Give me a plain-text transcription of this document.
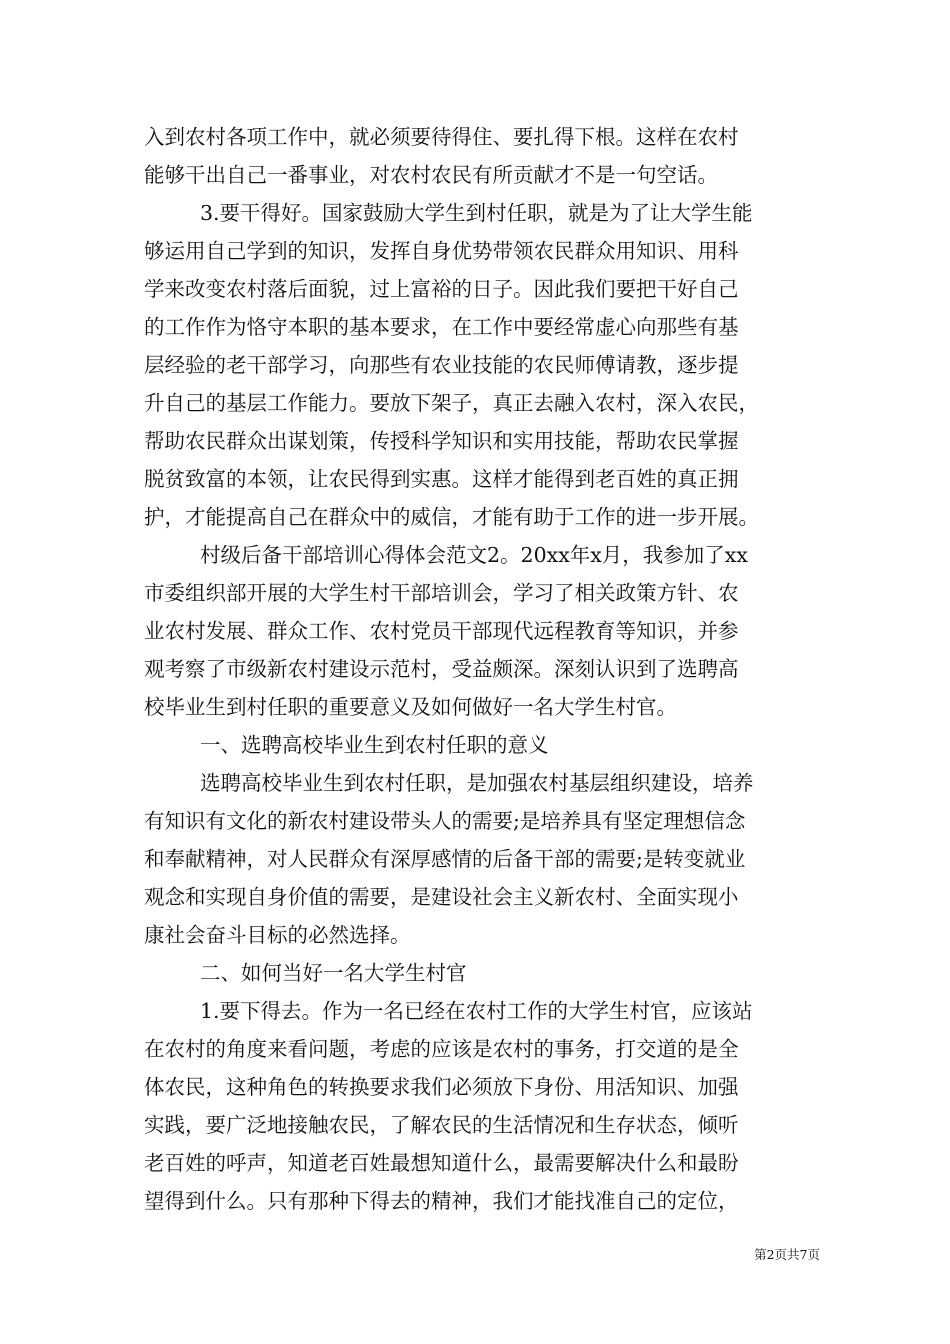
入到农村各项工作中，就必须要待得住、要扎得下根。这样在农村
能够干出自己一番事业，对农村农民有所贡献才不是一句空话。
3.要干得好。国家鼓励大学生到村任职，就是为了让大学生能
够运用自己学到的知识，发挥自身优势带领农民群众用知识、用科
学来改变农村落后面貌，过上富裕的日子。因此我们要把干好自己
的工作作为恪守本职的基本要求，在工作中要经常虚心向那些有基
层经验的老干部学习，向那些有农业技能的农民师傅请教，逐步提
升自己的基层工作能力。要放下架子，真正去融入农村，深入农民，
帮助农民群众出谋划策，传授科学知识和实用技能，帮助农民掌握
脱贫致富的本领，让农民得到实惠。这样才能得到老百姓的真正拥
护，才能提高自己在群众中的威信，才能有助于工作的进一步开展。
村级后备干部培训心得体会范文2。20xx年x月，我参加了xx
市委组织部开展的大学生村干部培训会，学习了相关政策方针、农
业农村发展、群众工作、农村党员干部现代远程教育等知识，并参
观考察了市级新农村建设示范村，受益颇深。深刻认识到了选聘高
校毕业生到村任职的重要意义及如何做好一名大学生村官。
一、选聘高校毕业生到农村任职的意义
选聘高校毕业生到农村任职，是加强农村基层组织建设，培养
有知识有文化的新农村建设带头人的需要;是培养具有坚定理想信念
和奉献精神，对人民群众有深厚感情的后备干部的需要;是转变就业
观念和实现自身价值的需要，是建设社会主义新农村、全面实现小
康社会奋斗目标的必然选择。
二、如何当好一名大学生村官
1.要下得去。作为一名已经在农村工作的大学生村官，应该站
在农村的角度来看问题，考虑的应该是农村的事务，打交道的是全
体农民，这种角色的转换要求我们必须放下身份、用活知识、加强
实践，要广泛地接触农民，了解农民的生活情况和生存状态，倾听
老百姓的呼声，知道老百姓最想知道什么，最需要解决什么和最盼
望得到什么。只有那种下得去的精神，我们才能找准自己的定位，
第2页共7页
